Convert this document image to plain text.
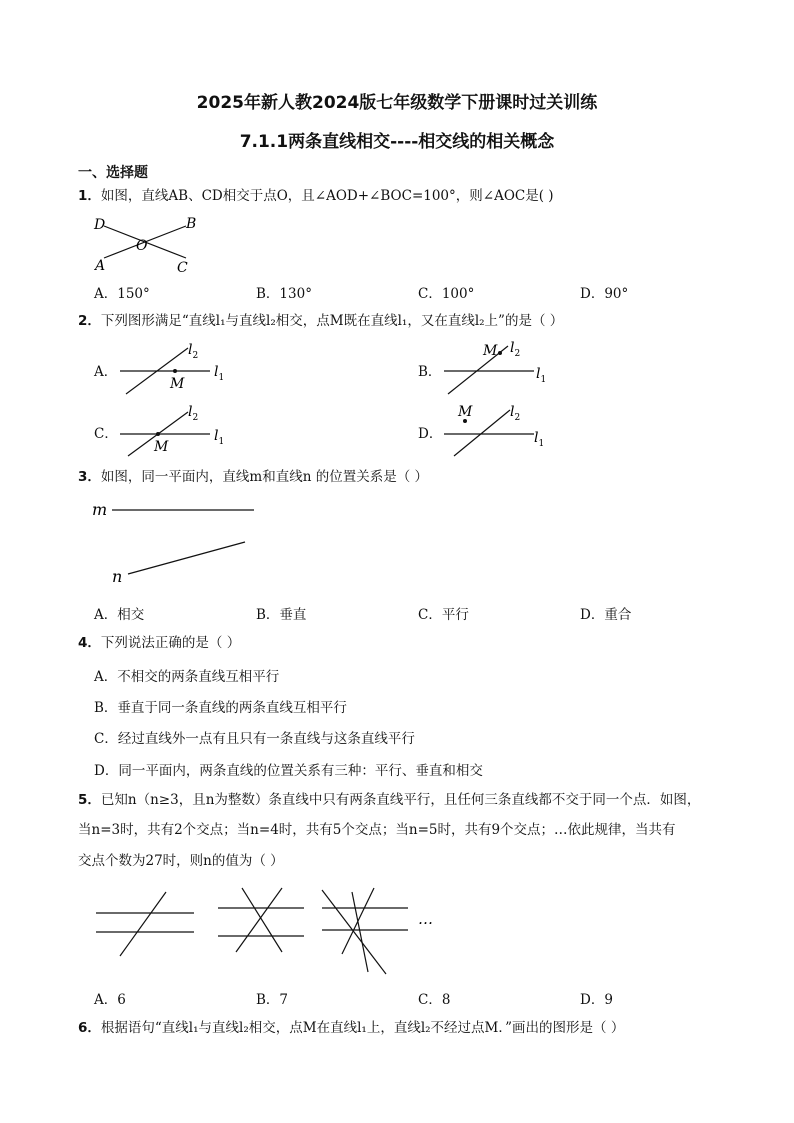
2025年新人教2024版七年级数学下册课时过关训练
7.1.1两条直线相交----相交线的相关概念
一、选择题
1．如图，直线AB、CD相交于点O，且∠AOD+∠BOC=100°，则∠AOC是( )
D	B
O
A	C
A．150°	B．130°	C．100°	D．90°
2．下列图形满足“直线l₁与直线l₂相交，点M既在直线l₁，又在直线l₂上”的是（ ）
A．
$l_2$
$l_1$
M
B．
M $l_2$
$l_1$
C．
$l_2$
$l_1$
M
D．
M	$l_2$
$l_1$
3．如图，同一平面内，直线m和直线n 的位置关系是（ ）
m
n
A．相交	B．垂直	C．平行	D．重合
4．下列说法正确的是（ ）
A．不相交的两条直线互相平行
B．垂直于同一条直线的两条直线互相平行
C．经过直线外一点有且只有一条直线与这条直线平行
D．同一平面内，两条直线的位置关系有三种：平行、垂直和相交
5．已知n（n≥3，且n为整数）条直线中只有两条直线平行，且任何三条直线都不交于同一个点．如图，
当n=3时，共有2个交点；当n=4时，共有5个交点；当n=5时，共有9个交点；…依此规律，当共有
交点个数为27时，则n的值为（ ）
…
A．6	B．7	C．8	D．9
6．根据语句“直线l₁与直线l₂相交，点M在直线l₁上，直线l₂不经过点M．”画出的图形是（ ）
